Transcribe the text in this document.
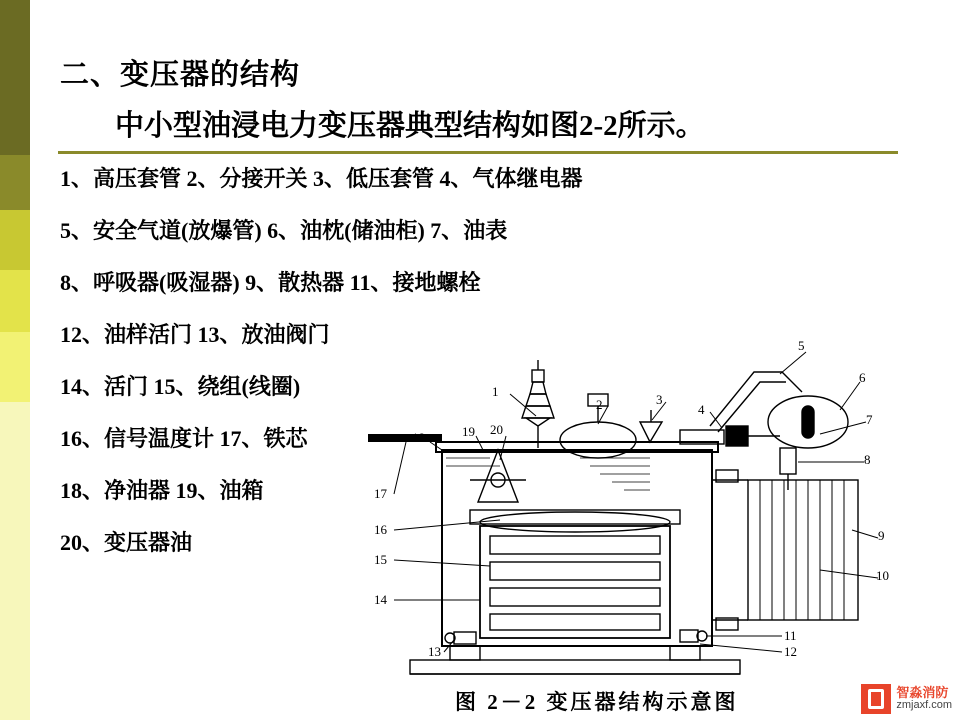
二、变压器的结构
中小型油浸电力变压器典型结构如图2-2所示。
1、高压套管 2、分接开关 3、低压套管 4、气体继电器
5、安全气道(放爆管) 6、油枕(储油柜) 7、油表
8、呼吸器(吸湿器) 9、散热器 11、接地螺栓
12、油样活门 13、放油阀门
14、活门 15、绕组(线圈)
16、信号温度计 17、铁芯
18、净油器 19、油箱
20、变压器油
1
2	3
4
5
6
7
8
9
10
11
12
13
14
15
16
17
18	19 20
图 2－2 变压器结构示意图	智淼消防
zmjaxf.com
